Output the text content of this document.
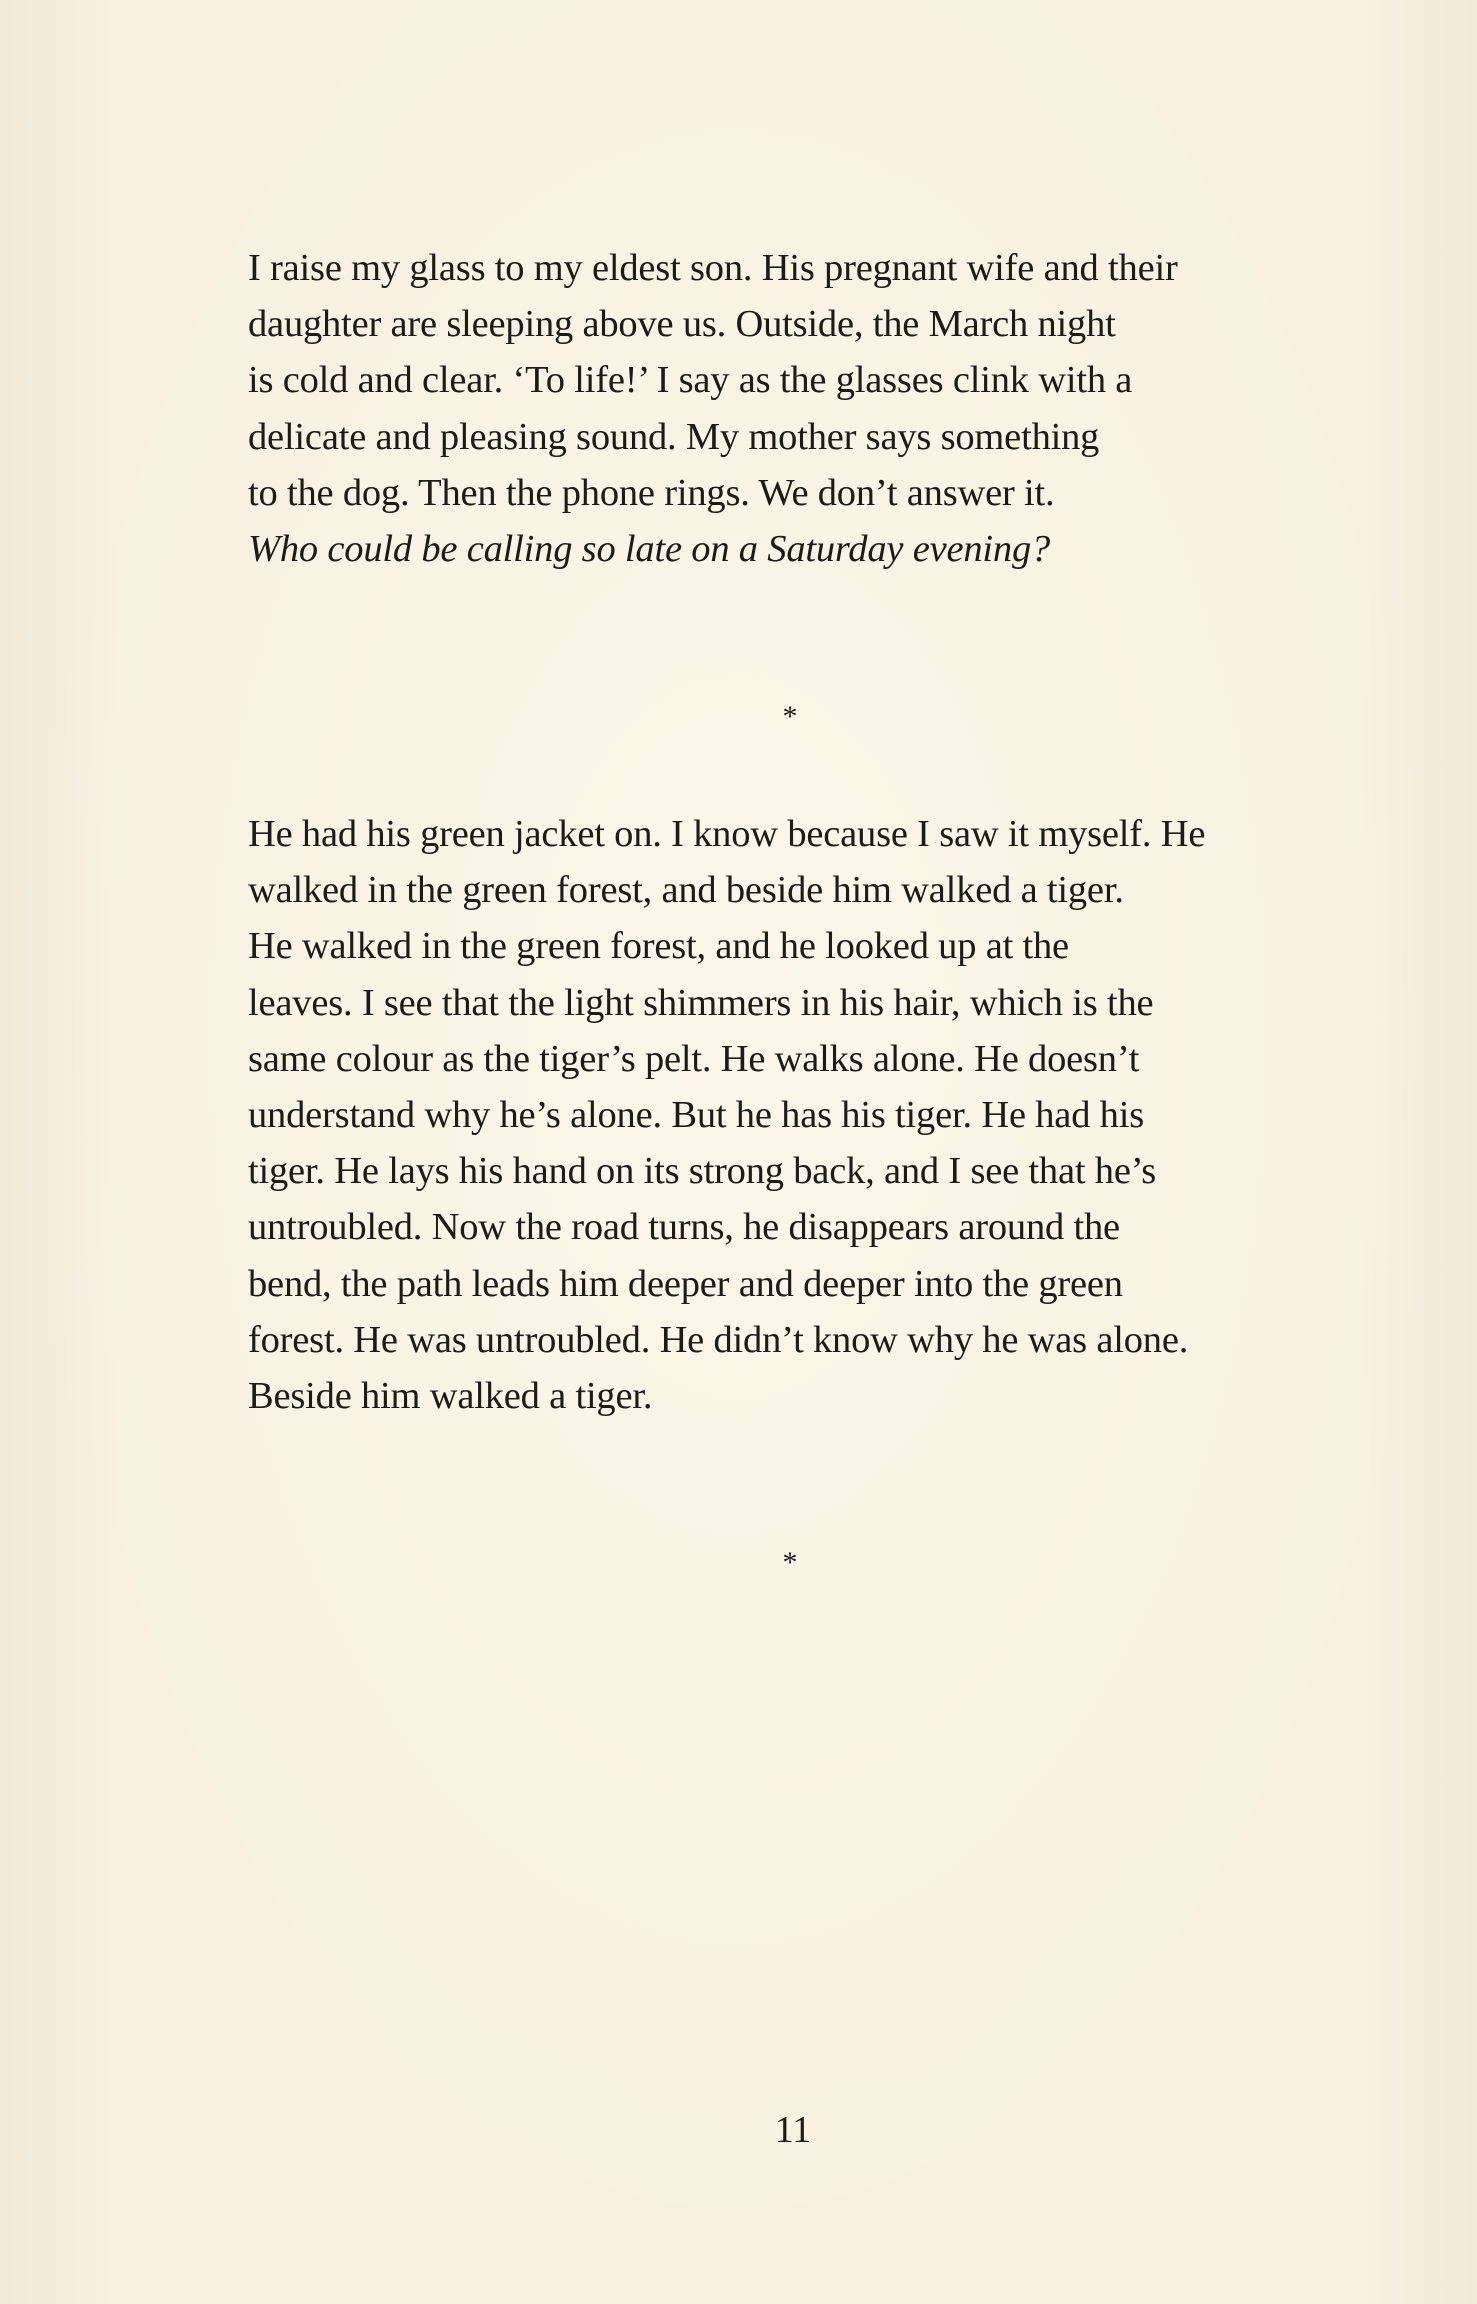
I raise my glass to my eldest son. His pregnant wife and their

daughter are sleeping above us. Outside, the March night

is cold and clear. ‘To life!’ I say as the glasses clink with a

delicate and pleasing sound. My mother says something

to the dog. Then the phone rings. We don’t answer it.

Who could be calling so late on a Saturday evening?

*

He had his green jacket on. I know because I saw it myself. He

walked in the green forest, and beside him walked a tiger.

He walked in the green forest, and he looked up at the

leaves. I see that the light shimmers in his hair, which is the

same colour as the tiger’s pelt. He walks alone. He doesn’t

understand why he’s alone. But he has his tiger. He had his

tiger. He lays his hand on its strong back, and I see that he’s

untroubled. Now the road turns, he disappears around the

bend, the path leads him deeper and deeper into the green

forest. He was untroubled. He didn’t know why he was alone.

Beside him walked a tiger.

*
11
